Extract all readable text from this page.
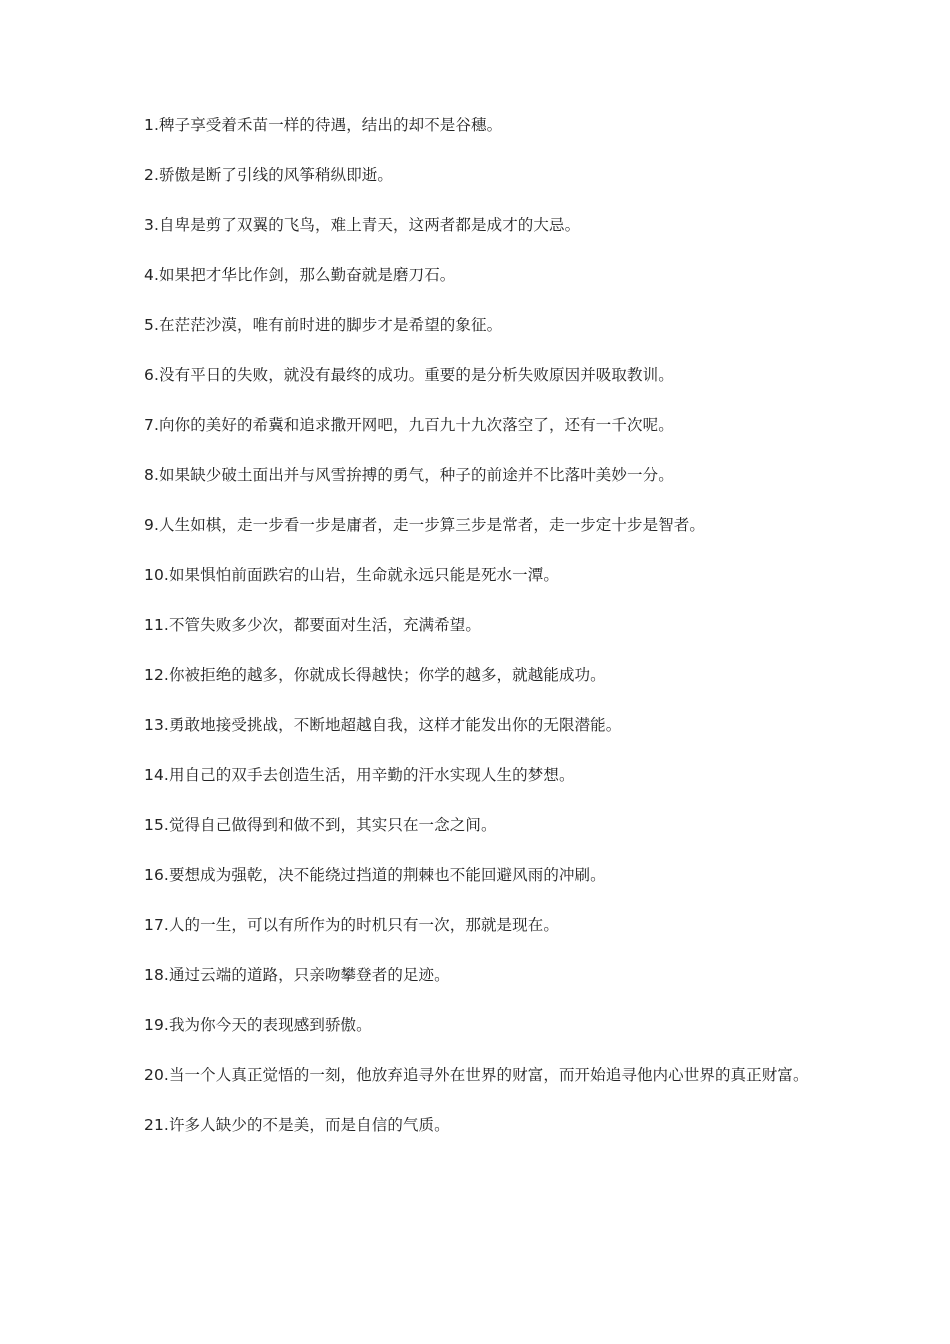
1.稗子享受着禾苗一样的待遇，结出的却不是谷穗。
2.骄傲是断了引线的风筝稍纵即逝。
3.自卑是剪了双翼的飞鸟，难上青天，这两者都是成才的大忌。
4.如果把才华比作剑，那么勤奋就是磨刀石。
5.在茫茫沙漠，唯有前时进的脚步才是希望的象征。
6.没有平日的失败，就没有最终的成功。重要的是分析失败原因并吸取教训。
7.向你的美好的希冀和追求撒开网吧，九百九十九次落空了，还有一千次呢。
8.如果缺少破土面出并与风雪拚搏的勇气，种子的前途并不比落叶美妙一分。
9.人生如棋，走一步看一步是庸者，走一步算三步是常者，走一步定十步是智者。
10.如果惧怕前面跌宕的山岩，生命就永远只能是死水一潭。
11.不管失败多少次，都要面对生活，充满希望。
12.你被拒绝的越多，你就成长得越快；你学的越多，就越能成功。
13.勇敢地接受挑战，不断地超越自我，这样才能发出你的无限潜能。
14.用自己的双手去创造生活，用辛勤的汗水实现人生的梦想。
15.觉得自己做得到和做不到，其实只在一念之间。
16.要想成为强乾，决不能绕过挡道的荆棘也不能回避风雨的冲刷。
17.人的一生，可以有所作为的时机只有一次，那就是现在。
18.通过云端的道路，只亲吻攀登者的足迹。
19.我为你今天的表现感到骄傲。
20.当一个人真正觉悟的一刻，他放弃追寻外在世界的财富，而开始追寻他内心世界的真正财富。
21.许多人缺少的不是美，而是自信的气质。
